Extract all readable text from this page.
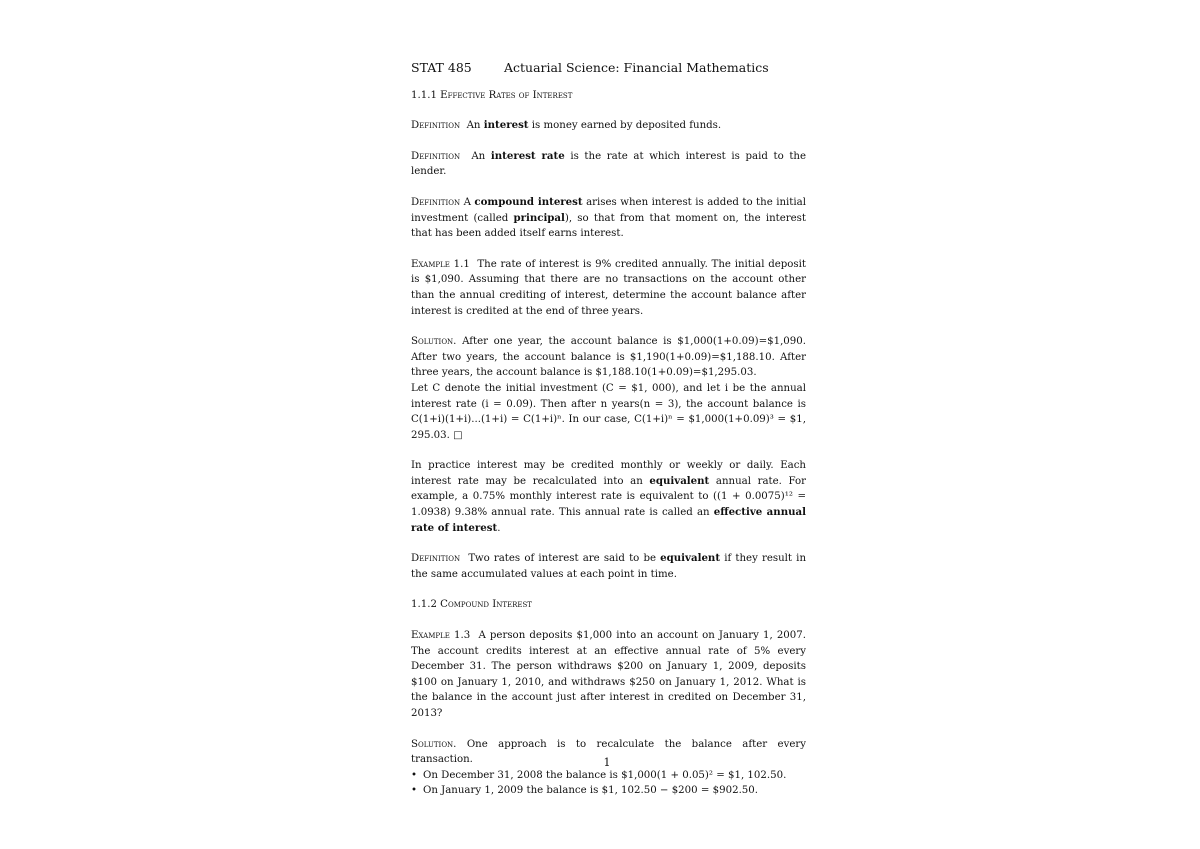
STAT 485	Actuarial Science: Financial Mathematics
1.1.1 Effective Rates of Interest
Definition An interest is money earned by deposited funds.
Definition An interest rate is the rate at which interest is paid to the lender.
Definition A compound interest arises when interest is added to the initial investment (called principal), so that from that moment on, the interest that has been added itself earns interest.
Example 1.1 The rate of interest is 9% credited annually. The initial deposit is $1,090. Assuming that there are no transactions on the account other than the annual crediting of interest, determine the account balance after interest is credited at the end of three years.

Solution. After one year, the account balance is $1,000(1+0.09)=$1,090. After two years, the account balance is $1,190(1+0.09)=$1,188.10. After three years, the account balance is $1,188.10(1+0.09)=$1,295.03.

Let C denote the initial investment (C = $1, 000), and let i be the annual interest rate (i = 0.09). Then after n years(n = 3), the account balance is C(1+i)(1+i)...(1+i) = C(1+i)ⁿ. In our case, C(1+i)ⁿ = $1,000(1+0.09)³ = $1, 295.03. □

In practice interest may be credited monthly or weekly or daily. Each interest rate may be recalculated into an equivalent annual rate. For example, a 0.75% monthly interest rate is equivalent to ((1 + 0.0075)¹² = 1.0938) 9.38% annual rate. This annual rate is called an effective annual rate of interest.
Definition Two rates of interest are said to be equivalent if they result in the same accumulated values at each point in time.
1.1.2 Compound Interest
Example 1.3 A person deposits $1,000 into an account on January 1, 2007. The account credits interest at an effective annual rate of 5% every December 31. The person withdraws $200 on January 1, 2009, deposits $100 on January 1, 2010, and withdraws $250 on January 1, 2012. What is the balance in the account just after interest in credited on December 31, 2013?

Solution. One approach is to recalculate the balance after every transaction.

• On December 31, 2008 the balance is $1,000(1 + 0.05)² = $1, 102.50.
• On January 1, 2009 the balance is $1, 102.50 − $200 = $902.50.
1
